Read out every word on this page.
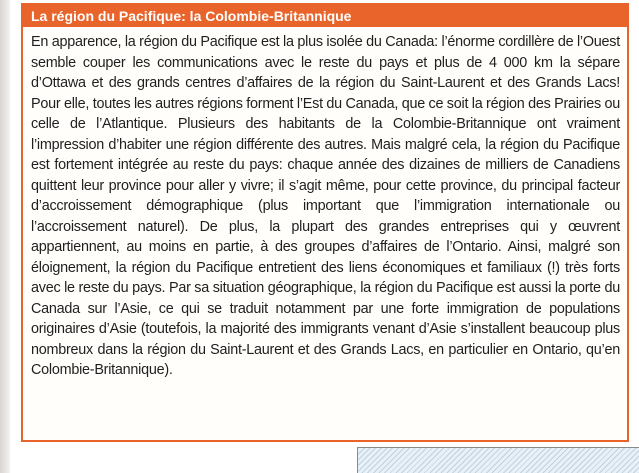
La région du Pacifique: la Colombie-Britannique
En apparence, la région du Pacifique est la plus isolée du Canada: l’énorme cordillère de l’Ouest semble couper les communications avec le reste du pays et plus de 4 000 km la sépare d’Ottawa et des grands centres d’affaires de la région du Saint-Laurent et des Grands Lacs! Pour elle, toutes les autres régions forment l’Est du Canada, que ce soit la région des Prairies ou celle de l’Atlantique. Plusieurs des habitants de la Colombie-Britannique ont vraiment l’impression d’habiter une région différente des autres. Mais malgré cela, la région du Pacifique est fortement intégrée au reste du pays: chaque année des dizaines de milliers de Canadiens quittent leur province pour aller y vivre; il s’agit même, pour cette province, du principal facteur d’accroissement démographique (plus important que l’immigration internationale ou l’accroissement naturel). De plus, la plupart des grandes entreprises qui y œuvrent appartiennent, au moins en partie, à des groupes d’affaires de l’Ontario. Ainsi, malgré son éloignement, la région du Pacifique entretient des liens économiques et familiaux (!) très forts avec le reste du pays. Par sa situation géographique, la région du Pacifique est aussi la porte du Canada sur l’Asie, ce qui se traduit notamment par une forte immigration de populations originaires d’Asie (toutefois, la majorité des immigrants venant d’Asie s’installent beaucoup plus nombreux dans la région du Saint-Laurent et des Grands Lacs, en particulier en Ontario, qu’en Colombie-Britannique).
